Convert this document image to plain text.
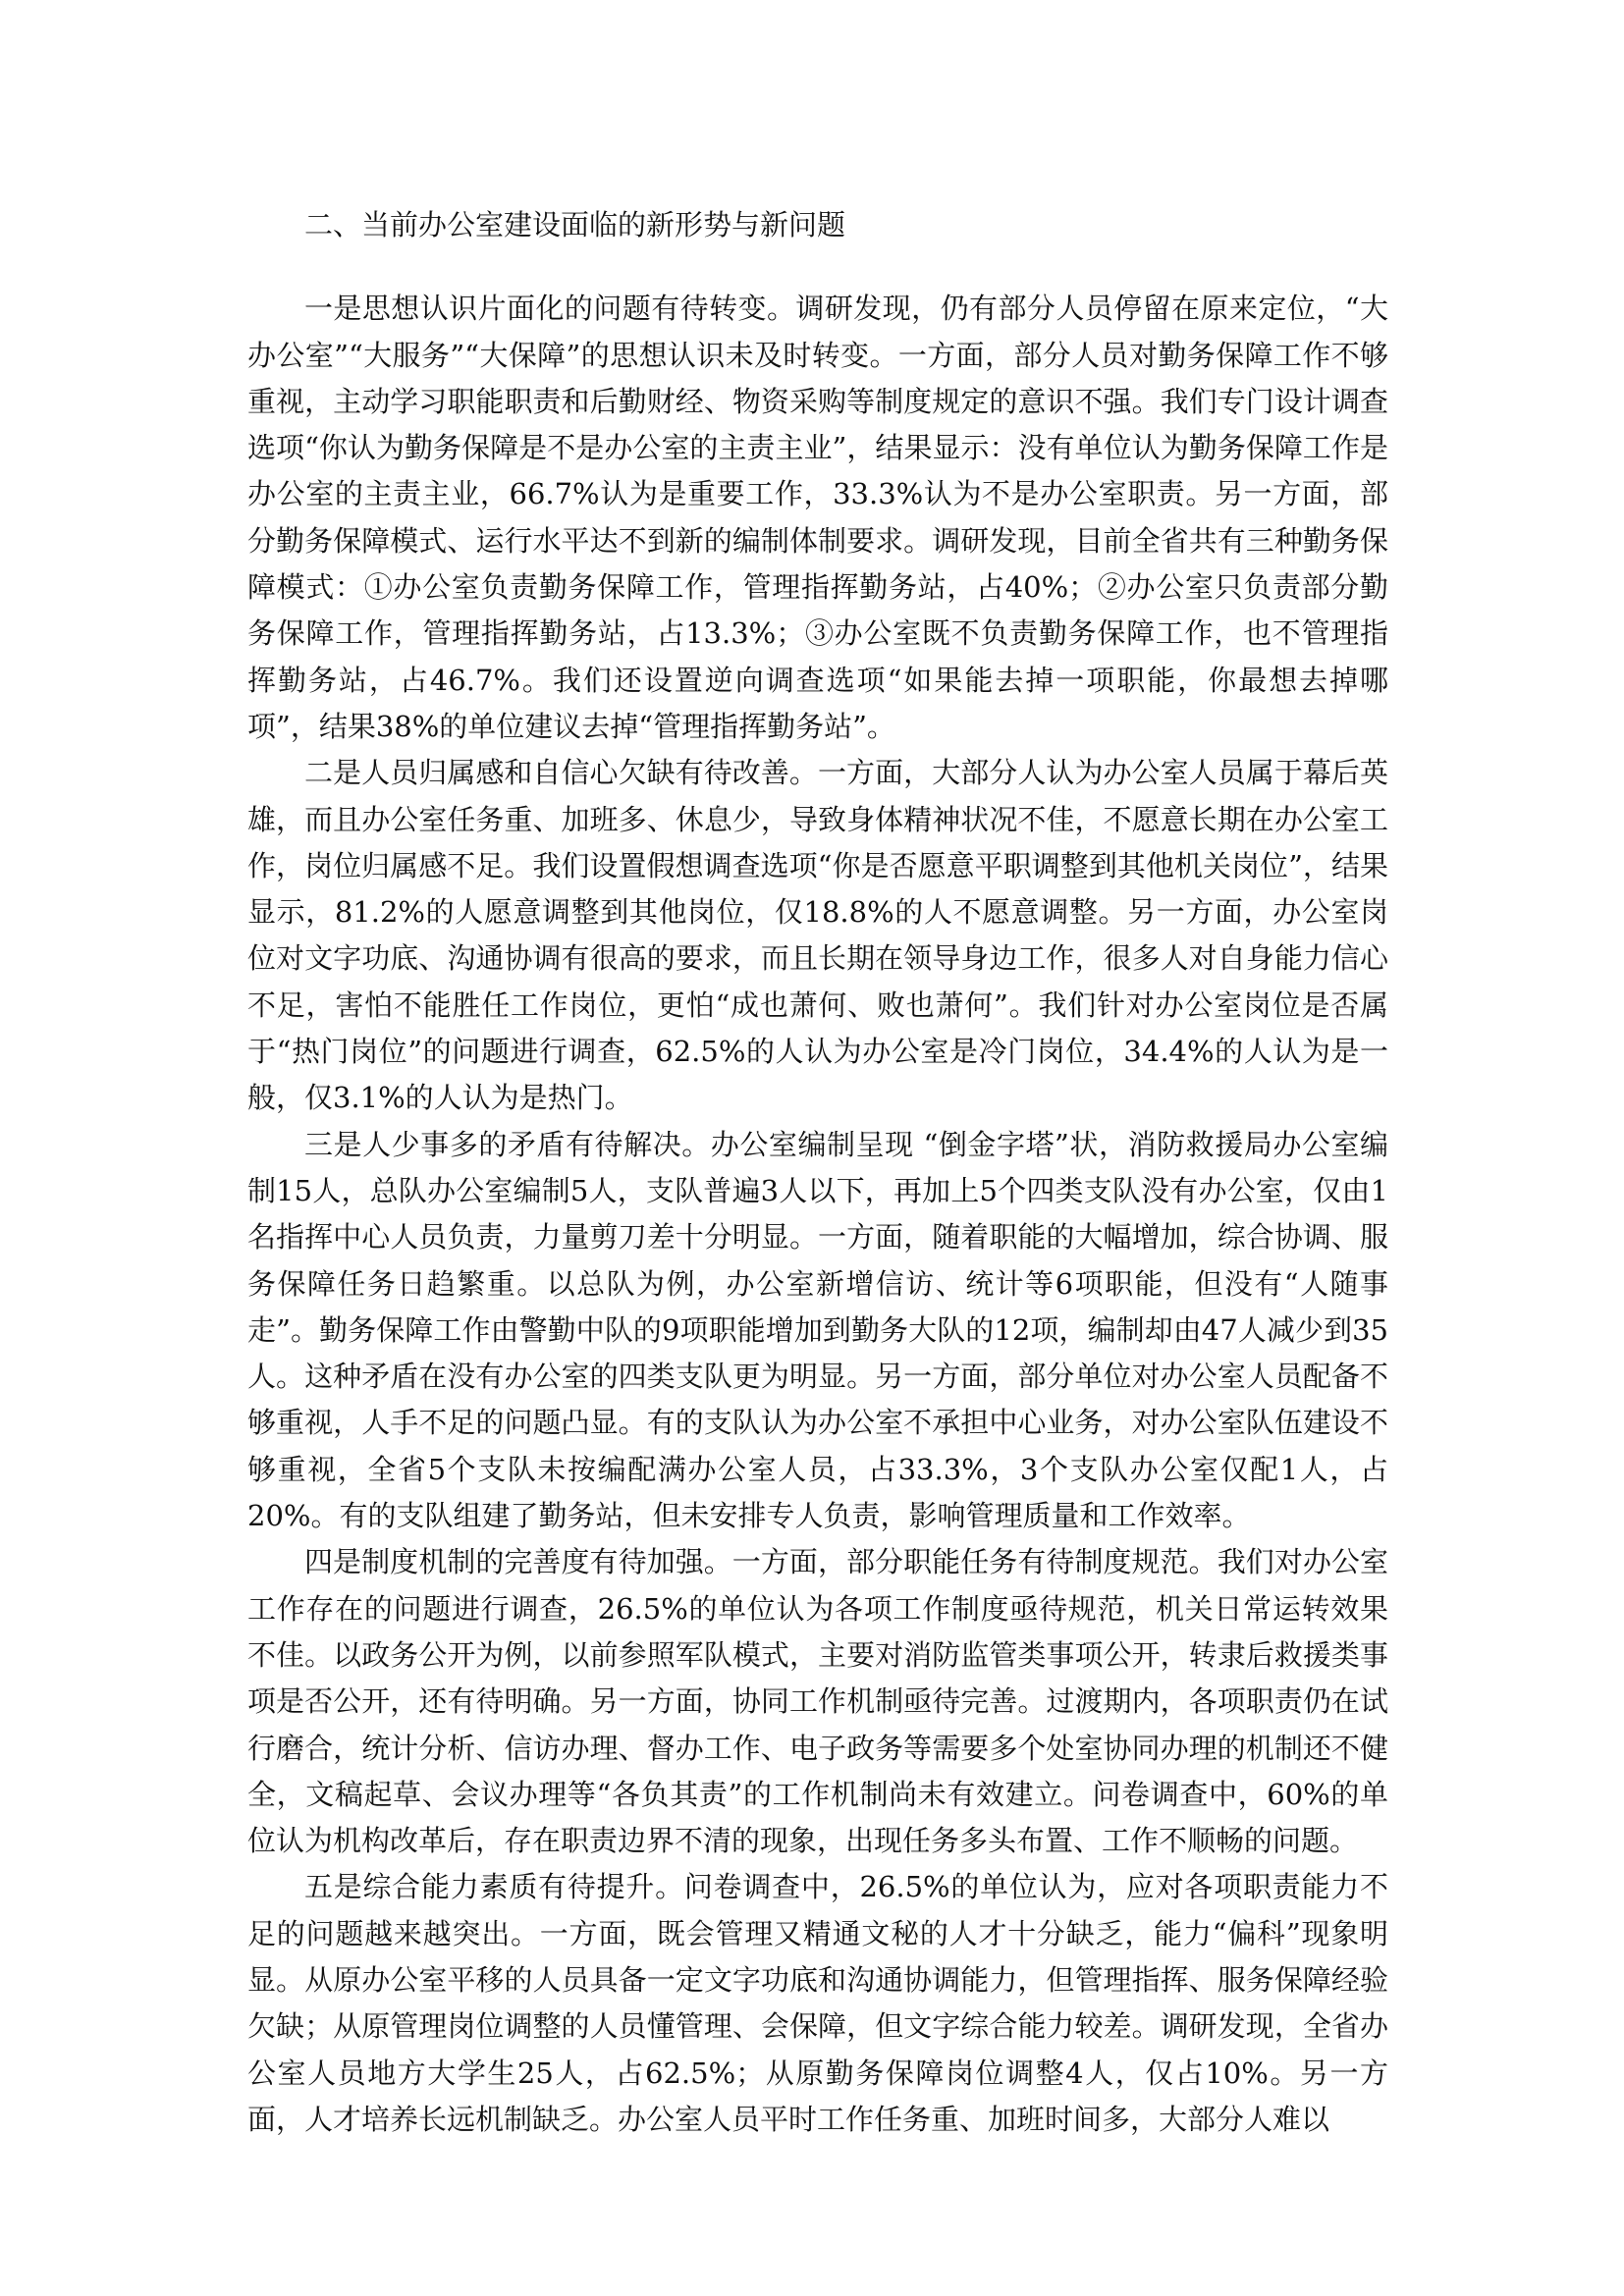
二、当前办公室建设面临的新形势与新问题

一是思想认识片面化的问题有待转变。调研发现，仍有部分人员停留在原来定位，“大办公室”“大服务”“大保障”的思想认识未及时转变。一方面，部分人员对勤务保障工作不够重视，主动学习职能职责和后勤财经、物资采购等制度规定的意识不强。我们专门设计调查选项“你认为勤务保障是不是办公室的主责主业”，结果显示：没有单位认为勤务保障工作是办公室的主责主业，66.7%认为是重要工作，33.3%认为不是办公室职责。另一方面，部分勤务保障模式、运行水平达不到新的编制体制要求。调研发现，目前全省共有三种勤务保障模式：①办公室负责勤务保障工作，管理指挥勤务站，占40%；②办公室只负责部分勤务保障工作，管理指挥勤务站，占13.3%；③办公室既不负责勤务保障工作，也不管理指挥勤务站，占46.7%。我们还设置逆向调查选项“如果能去掉一项职能，你最想去掉哪项”，结果38%的单位建议去掉“管理指挥勤务站”。

二是人员归属感和自信心欠缺有待改善。一方面，大部分人认为办公室人员属于幕后英雄，而且办公室任务重、加班多、休息少，导致身体精神状况不佳，不愿意长期在办公室工作，岗位归属感不足。我们设置假想调查选项“你是否愿意平职调整到其他机关岗位”，结果显示，81.2%的人愿意调整到其他岗位，仅18.8%的人不愿意调整。另一方面，办公室岗位对文字功底、沟通协调有很高的要求，而且长期在领导身边工作，很多人对自身能力信心不足，害怕不能胜任工作岗位，更怕“成也萧何、败也萧何”。我们针对办公室岗位是否属于“热门岗位”的问题进行调查，62.5%的人认为办公室是冷门岗位，34.4%的人认为是一般，仅3.1%的人认为是热门。

三是人少事多的矛盾有待解决。办公室编制呈现 “倒金字塔”状，消防救援局办公室编制15人，总队办公室编制5人，支队普遍3人以下，再加上5个四类支队没有办公室，仅由1名指挥中心人员负责，力量剪刀差十分明显。一方面，随着职能的大幅增加，综合协调、服务保障任务日趋繁重。以总队为例，办公室新增信访、统计等6项职能，但没有“人随事走”。勤务保障工作由警勤中队的9项职能增加到勤务大队的12项，编制却由47人减少到35人。这种矛盾在没有办公室的四类支队更为明显。另一方面，部分单位对办公室人员配备不够重视，人手不足的问题凸显。有的支队认为办公室不承担中心业务，对办公室队伍建设不够重视，全省5个支队未按编配满办公室人员，占33.3%，3个支队办公室仅配1人，占20%。有的支队组建了勤务站，但未安排专人负责，影响管理质量和工作效率。

四是制度机制的完善度有待加强。一方面，部分职能任务有待制度规范。我们对办公室工作存在的问题进行调查，26.5%的单位认为各项工作制度亟待规范，机关日常运转效果不佳。以政务公开为例，以前参照军队模式，主要对消防监管类事项公开，转隶后救援类事项是否公开，还有待明确。另一方面，协同工作机制亟待完善。过渡期内，各项职责仍在试行磨合，统计分析、信访办理、督办工作、电子政务等需要多个处室协同办理的机制还不健全，文稿起草、会议办理等“各负其责”的工作机制尚未有效建立。问卷调查中，60%的单位认为机构改革后，存在职责边界不清的现象，出现任务多头布置、工作不顺畅的问题。

五是综合能力素质有待提升。问卷调查中，26.5%的单位认为，应对各项职责能力不足的问题越来越突出。一方面，既会管理又精通文秘的人才十分缺乏，能力“偏科”现象明显。从原办公室平移的人员具备一定文字功底和沟通协调能力，但管理指挥、服务保障经验欠缺；从原管理岗位调整的人员懂管理、会保障，但文字综合能力较差。调研发现，全省办公室人员地方大学生25人，占62.5%；从原勤务保障岗位调整4人，仅占10%。另一方面，人才培养长远机制缺乏。办公室人员平时工作任务重、加班时间多，大部分人难以
